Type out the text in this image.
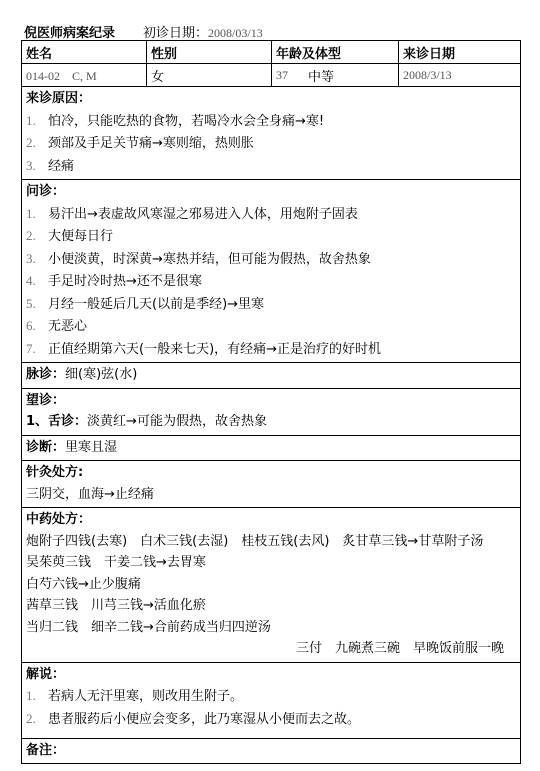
倪医师病案纪录 初诊日期：2008/03/13
姓名	性别	年龄及体型	来诊日期
014-02　C, M	女	37 中等	2008/3/13
来诊原因：
1. 怕冷，只能吃热的食物，若喝冷水会全身痛→寒!
2. 颈部及手足关节痛→寒则缩，热则胀
3. 经痛
问诊：
1. 易汗出→表虚故风寒湿之邪易进入人体，用炮附子固表
2. 大便每日行
3. 小便淡黄，时深黄→寒热并结，但可能为假热，故舍热象
4. 手足时冷时热→还不是很寒
5. 月经一般延后几天(以前是季经)→里寒
6. 无恶心
7. 正值经期第六天(一般来七天)，有经痛→正是治疗的好时机
脉诊：细(寒)弦(水)
望诊：
1、舌诊：淡黄红→可能为假热，故舍热象
诊断：里寒且湿
针灸处方:
三阴交，血海→止经痛
中药处方：
炮附子四钱(去寒)　白术三钱(去湿)　桂枝五钱(去风)　炙甘草三钱→甘草附子汤
吴茱萸三钱　干姜二钱→去胃寒
白芍六钱→止少腹痛
茜草三钱　川芎三钱→活血化瘀
当归二钱　细辛二钱→合前药成当归四逆汤
三付　九碗煮三碗　早晚饭前服一晚
解说：
1. 若病人无汗里寒，则改用生附子。
2. 患者服药后小便应会变多，此乃寒湿从小便而去之故。
备注：
